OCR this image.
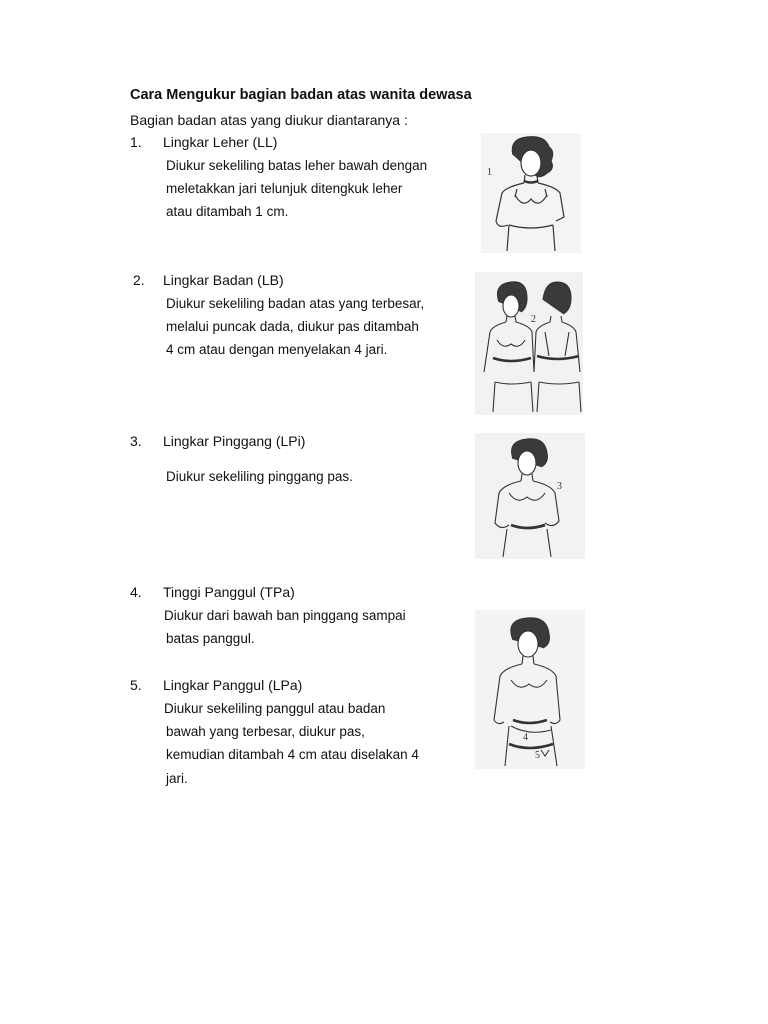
Cara Mengukur bagian badan atas wanita dewasa
Bagian badan atas yang diukur diantaranya :
1. Lingkar Leher (LL)
Diukur sekeliling batas leher bawah dengan
meletakkan jari telunjuk ditengkuk leher
atau ditambah 1 cm.
2. Lingkar Badan (LB)
Diukur sekeliling badan atas yang terbesar,
melalui puncak dada, diukur pas ditambah
4 cm atau dengan menyelakan 4 jari.
3. Lingkar Pinggang (LPi)
Diukur sekeliling pinggang pas.
4. Tinggi Panggul (TPa)
Diukur dari bawah ban pinggang sampai
batas panggul.
5. Lingkar Panggul (LPa)
Diukur sekeliling panggul atau badan
bawah yang terbesar, diukur pas,
kemudian ditambah 4 cm atau diselakan 4
jari.
1
2
3
4
5
